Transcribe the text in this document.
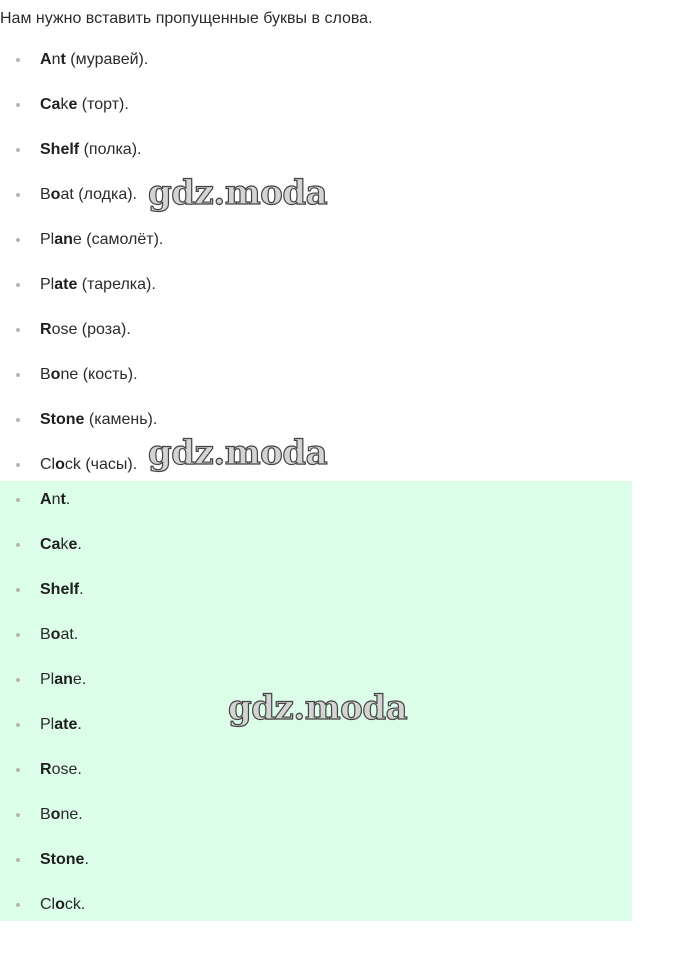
Нам нужно вставить пропущенные буквы в слова.

Ant (муравей).
Cake (торт).
Shelf (полка).
Boat (лодка).
Plane (самолёт).
Plate (тарелка).
Rose (роза).
Bone (кость).
Stone (камень).
Clock (часы).
Ant.
Cake.
Shelf.
Boat.
Plane.
Plate.
Rose.
Bone.
Stone.
Clock.
gdz.moda
gdz.moda
gdz.moda
